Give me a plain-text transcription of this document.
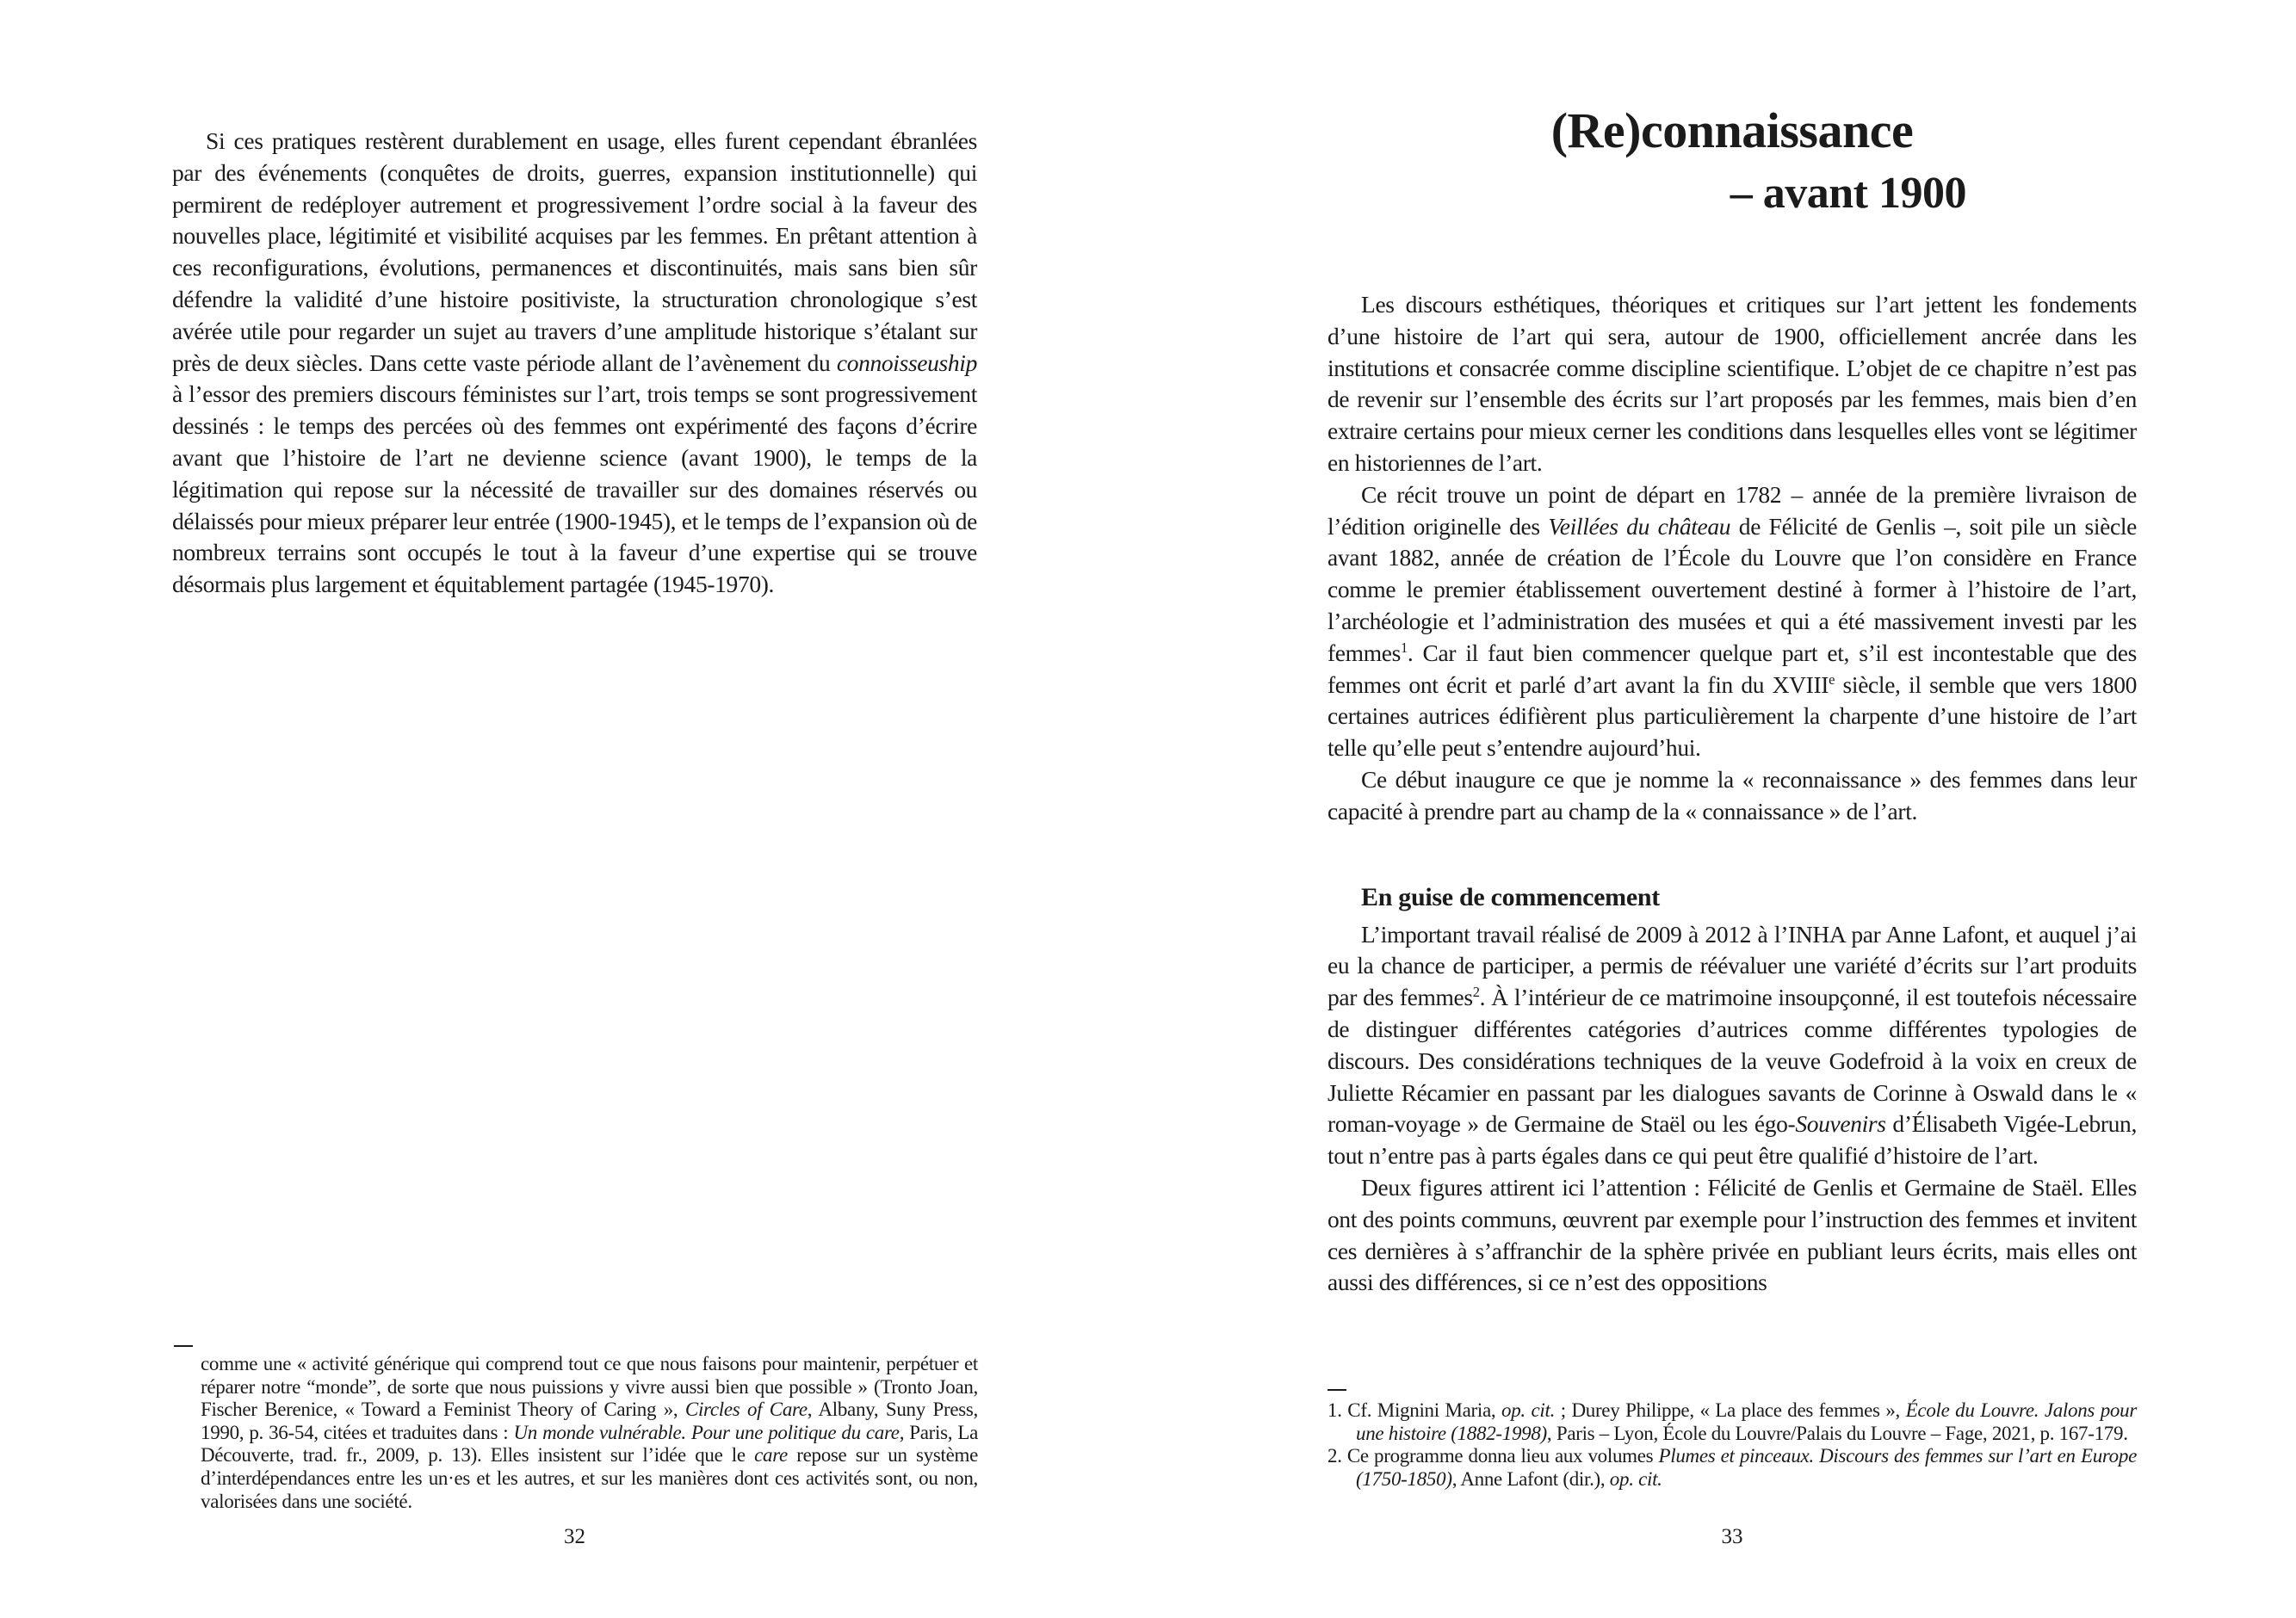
Si ces pratiques restèrent durablement en usage, elles furent cependant ébranlées par des événements (conquêtes de droits, guerres, expansion institutionnelle) qui permirent de redéployer autrement et progressivement l’ordre social à la faveur des nouvelles place, légitimité et visibilité acquises par les femmes. En prêtant attention à ces reconfigurations, évolutions, permanences et discontinuités, mais sans bien sûr défendre la validité d’une histoire positiviste, la structuration chronologique s’est avérée utile pour regarder un sujet au travers d’une amplitude historique s’étalant sur près de deux siècles. Dans cette vaste période allant de l’avènement du connoisseuship à l’essor des premiers discours féministes sur l’art, trois temps se sont progressivement dessinés : le temps des percées où des femmes ont expérimenté des façons d’écrire avant que l’histoire de l’art ne devienne science (avant 1900), le temps de la légitimation qui repose sur la nécessité de travailler sur des domaines réservés ou délaissés pour mieux préparer leur entrée (1900-1945), et le temps de l’expansion où de nombreux terrains sont occupés le tout à la faveur d’une expertise qui se trouve désormais plus largement et équitablement partagée (1945-1970).

comme une « activité générique qui comprend tout ce que nous faisons pour maintenir, perpétuer et réparer notre “monde”, de sorte que nous puissions y vivre aussi bien que possible » (Tronto Joan, Fischer Berenice, « Toward a Feminist Theory of Caring », Circles of Care, Albany, Suny Press, 1990, p. 36-54, citées et traduites dans : Un monde vulnérable. Pour une politique du care, Paris, La Découverte, trad. fr., 2009, p. 13). Elles insistent sur l’idée que le care repose sur un système d’interdépendances entre les un·es et les autres, et sur les manières dont ces activités sont, ou non, valorisées dans une société.
32
(Re)connaissance
– avant 1900

Les discours esthétiques, théoriques et critiques sur l’art jettent les fondements d’une histoire de l’art qui sera, autour de 1900, officiellement ancrée dans les institutions et consacrée comme discipline scientifique. L’objet de ce chapitre n’est pas de revenir sur l’ensemble des écrits sur l’art proposés par les femmes, mais bien d’en extraire certains pour mieux cerner les conditions dans lesquelles elles vont se légitimer en historiennes de l’art.

Ce récit trouve un point de départ en 1782 – année de la première livraison de l’édition originelle des Veillées du château de Félicité de Genlis –, soit pile un siècle avant 1882, année de création de l’École du Louvre que l’on considère en France comme le premier établissement ouvertement destiné à former à l’histoire de l’art, l’archéologie et l’administration des musées et qui a été massivement investi par les femmes$^1$. Car il faut bien commencer quelque part et, s’il est incontestable que des femmes ont écrit et parlé d’art avant la fin du XVIIIe siècle, il semble que vers 1800 certaines autrices édifièrent plus particulièrement la charpente d’une histoire de l’art telle qu’elle peut s’entendre aujourd’hui.

Ce début inaugure ce que je nomme la « reconnaissance » des femmes dans leur capacité à prendre part au champ de la « connaissance » de l’art.

En guise de commencement

L’important travail réalisé de 2009 à 2012 à l’INHA par Anne Lafont, et auquel j’ai eu la chance de participer, a permis de réévaluer une variété d’écrits sur l’art produits par des femmes$^2$. À l’intérieur de ce matrimoine insoupçonné, il est toutefois nécessaire de distinguer différentes catégories d’autrices comme différentes typologies de discours. Des considérations techniques de la veuve Godefroid à la voix en creux de Juliette Récamier en passant par les dialogues savants de Corinne à Oswald dans le « roman-voyage » de Germaine de Staël ou les égo-Souvenirs d’Élisabeth Vigée-Lebrun, tout n’entre pas à parts égales dans ce qui peut être qualifié d’histoire de l’art.

Deux figures attirent ici l’attention : Félicité de Genlis et Germaine de Staël. Elles ont des points communs, œuvrent par exemple pour l’instruction des femmes et invitent ces dernières à s’affranchir de la sphère privée en publiant leurs écrits, mais elles ont aussi des différences, si ce n’est des oppositions

1. Cf. Mignini Maria, op. cit. ; Durey Philippe, « La place des femmes », École du Louvre. Jalons pour une histoire (1882-1998), Paris – Lyon, École du Louvre/Palais du Louvre – Fage, 2021, p. 167-179.

2. Ce programme donna lieu aux volumes Plumes et pinceaux. Discours des femmes sur l’art en Europe (1750-1850), Anne Lafont (dir.), op. cit.

33
